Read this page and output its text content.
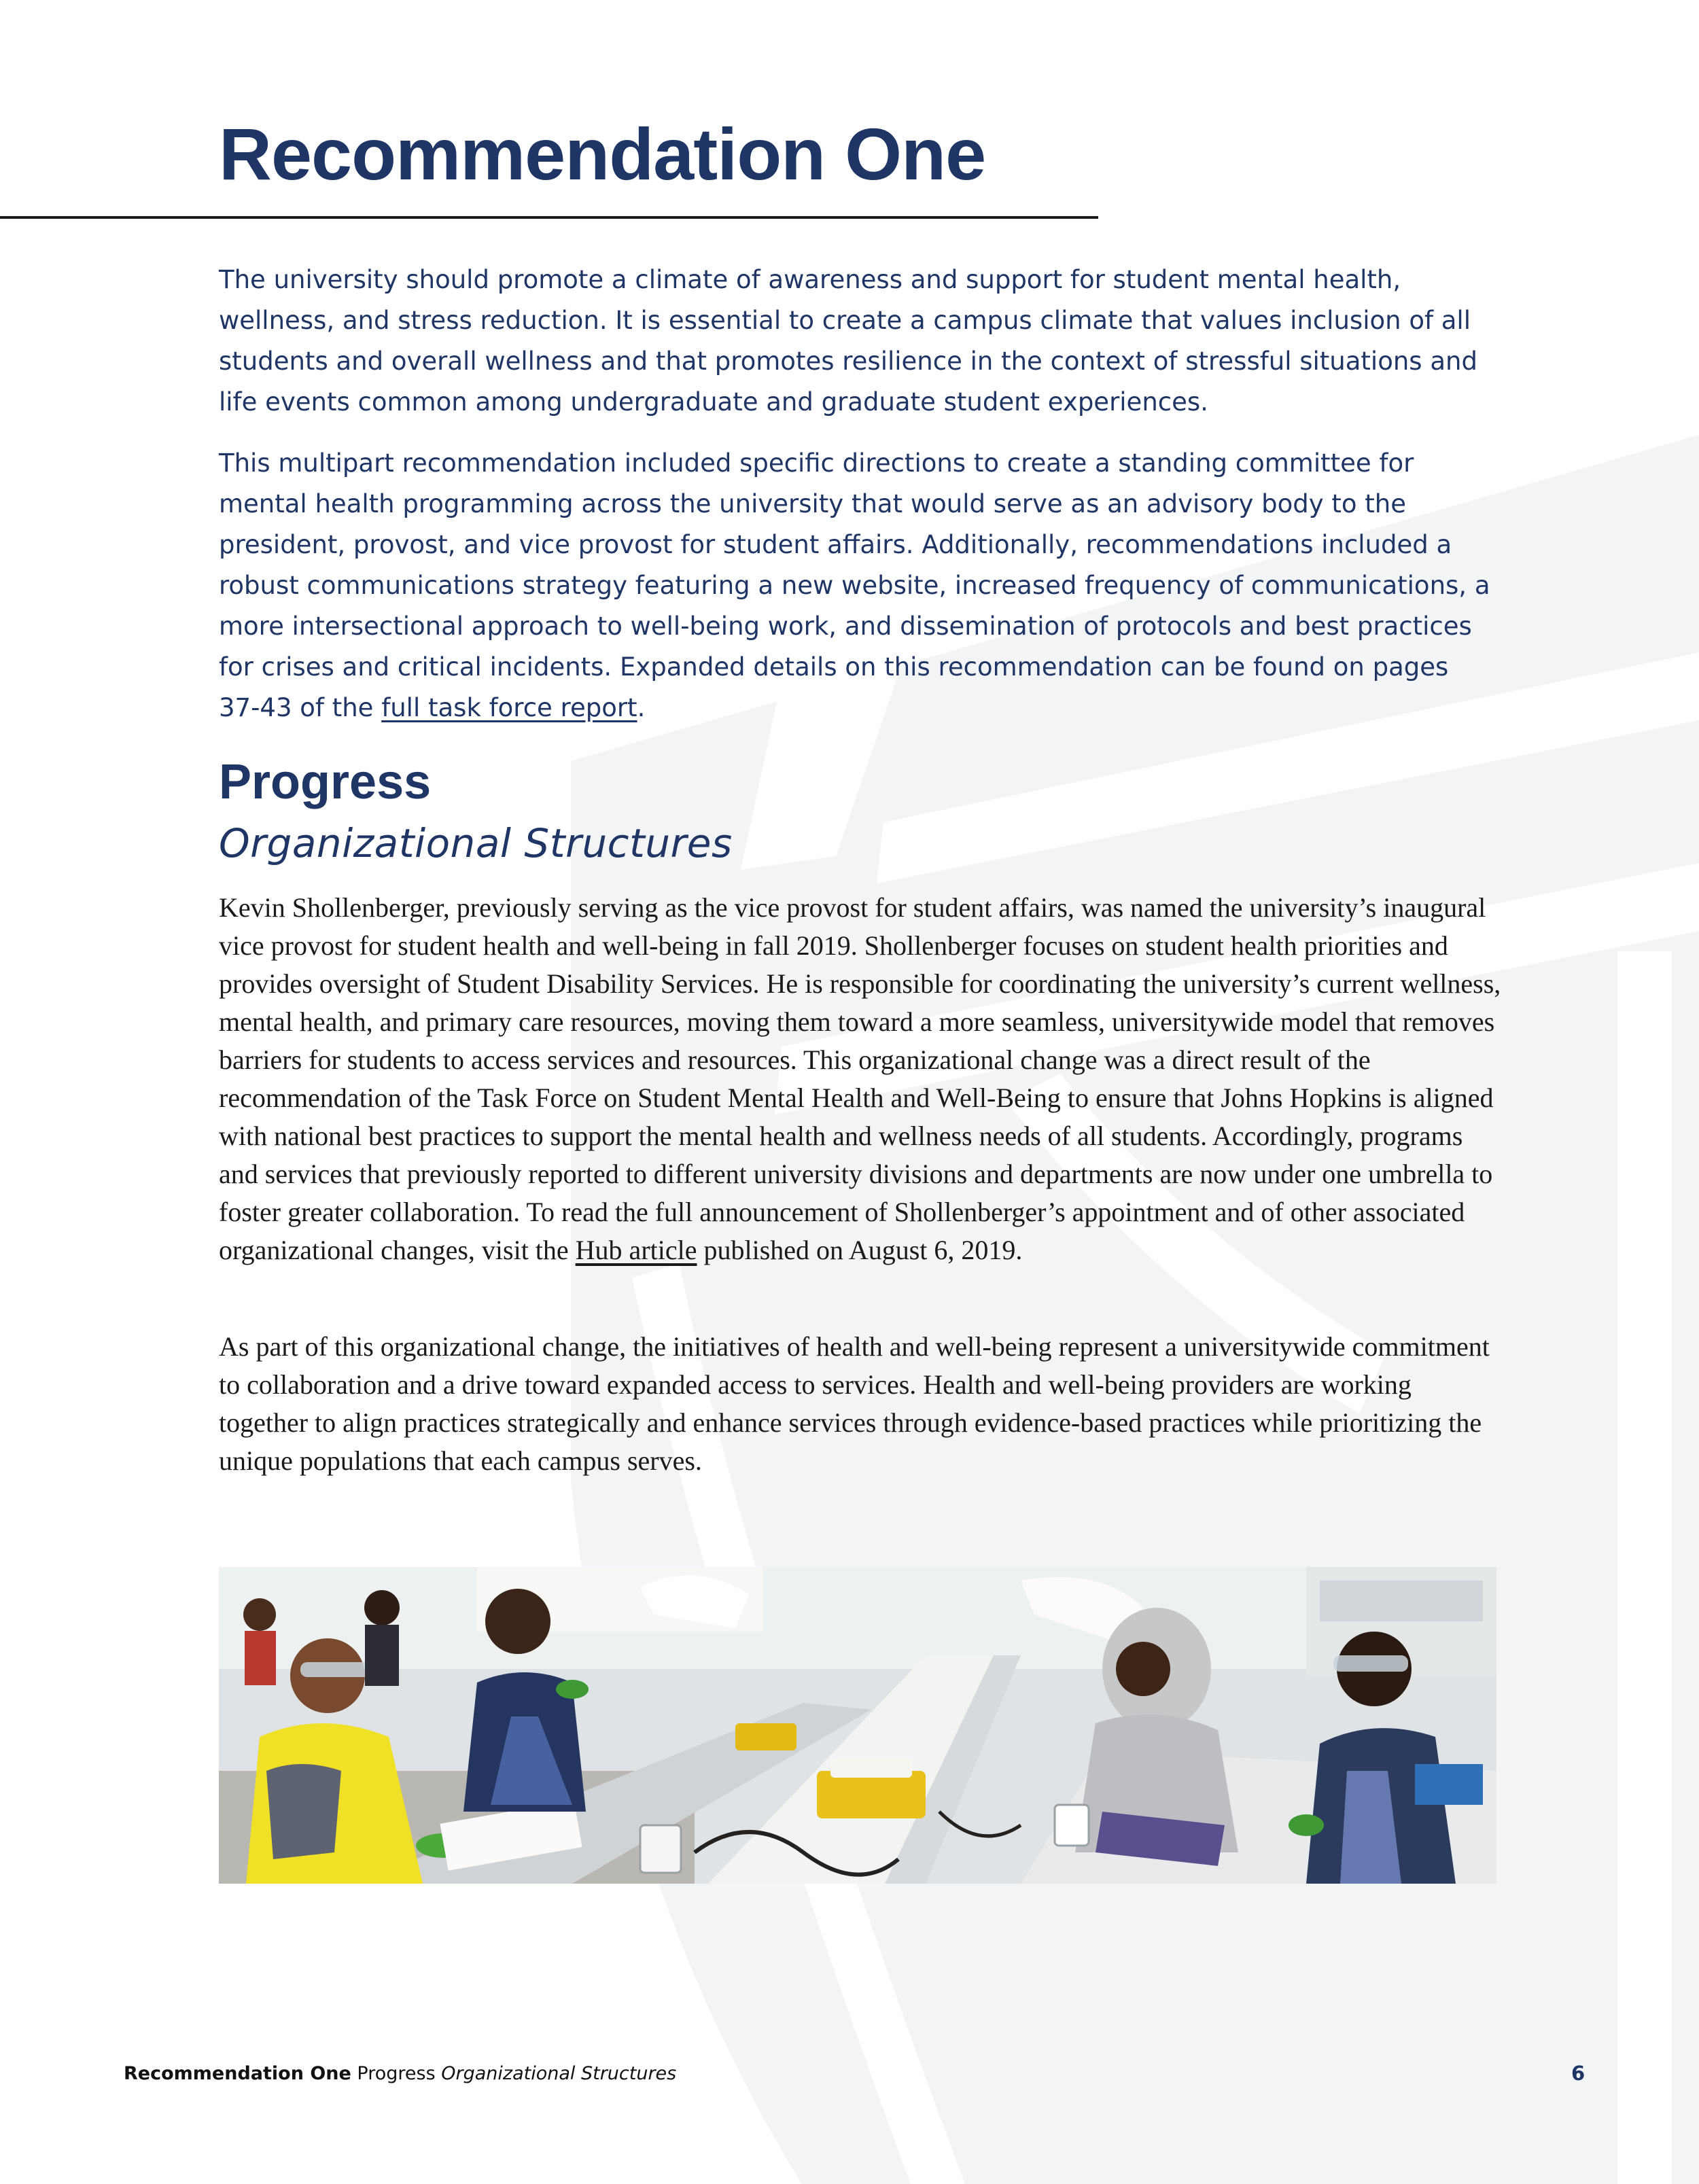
Recommendation One

The university should promote a climate of awareness and support for student mental health, wellness, and stress reduction. It is essential to create a campus climate that values inclusion of all students and overall wellness and that promotes resilience in the context of stressful situations and life events common among undergraduate and graduate student experiences.

This multipart recommendation included specific directions to create a standing committee for mental health programming across the university that would serve as an advisory body to the president, provost, and vice provost for student affairs. Additionally, recommendations included a robust communications strategy featuring a new website, increased frequency of communications, a more intersectional approach to well-being work, and dissemination of protocols and best practices for crises and critical incidents. Expanded details on this recommendation can be found on pages 37-43 of the full task force report.

Progress
Organizational Structures

Kevin Shollenberger, previously serving as the vice provost for student affairs, was named the university’s inaugural vice provost for student health and well-being in fall 2019. Shollenberger focuses on student health priorities and provides oversight of Student Disability Services. He is responsible for coordinating the university’s current wellness, mental health, and primary care resources, moving them toward a more seamless, universitywide model that removes barriers for students to access services and resources. This organizational change was a direct result of the recommendation of the Task Force on Student Mental Health and Well-Being to ensure that Johns Hopkins is aligned with national best practices to support the mental health and wellness needs of all students. Accordingly, programs and services that previously reported to different university divisions and departments are now under one umbrella to foster greater collaboration. To read the full announcement of Shollenberger’s appointment and of other associated organizational changes, visit the Hub article published on August 6, 2019.

As part of this organizational change, the initiatives of health and well-being represent a universitywide commitment to collaboration and a drive toward expanded access to services. Health and well-being providers are working together to align practices strategically and enhance services through evidence-based practices while prioritizing the unique populations that each campus serves.

Recommendation One Progress Organizational Structures	6
